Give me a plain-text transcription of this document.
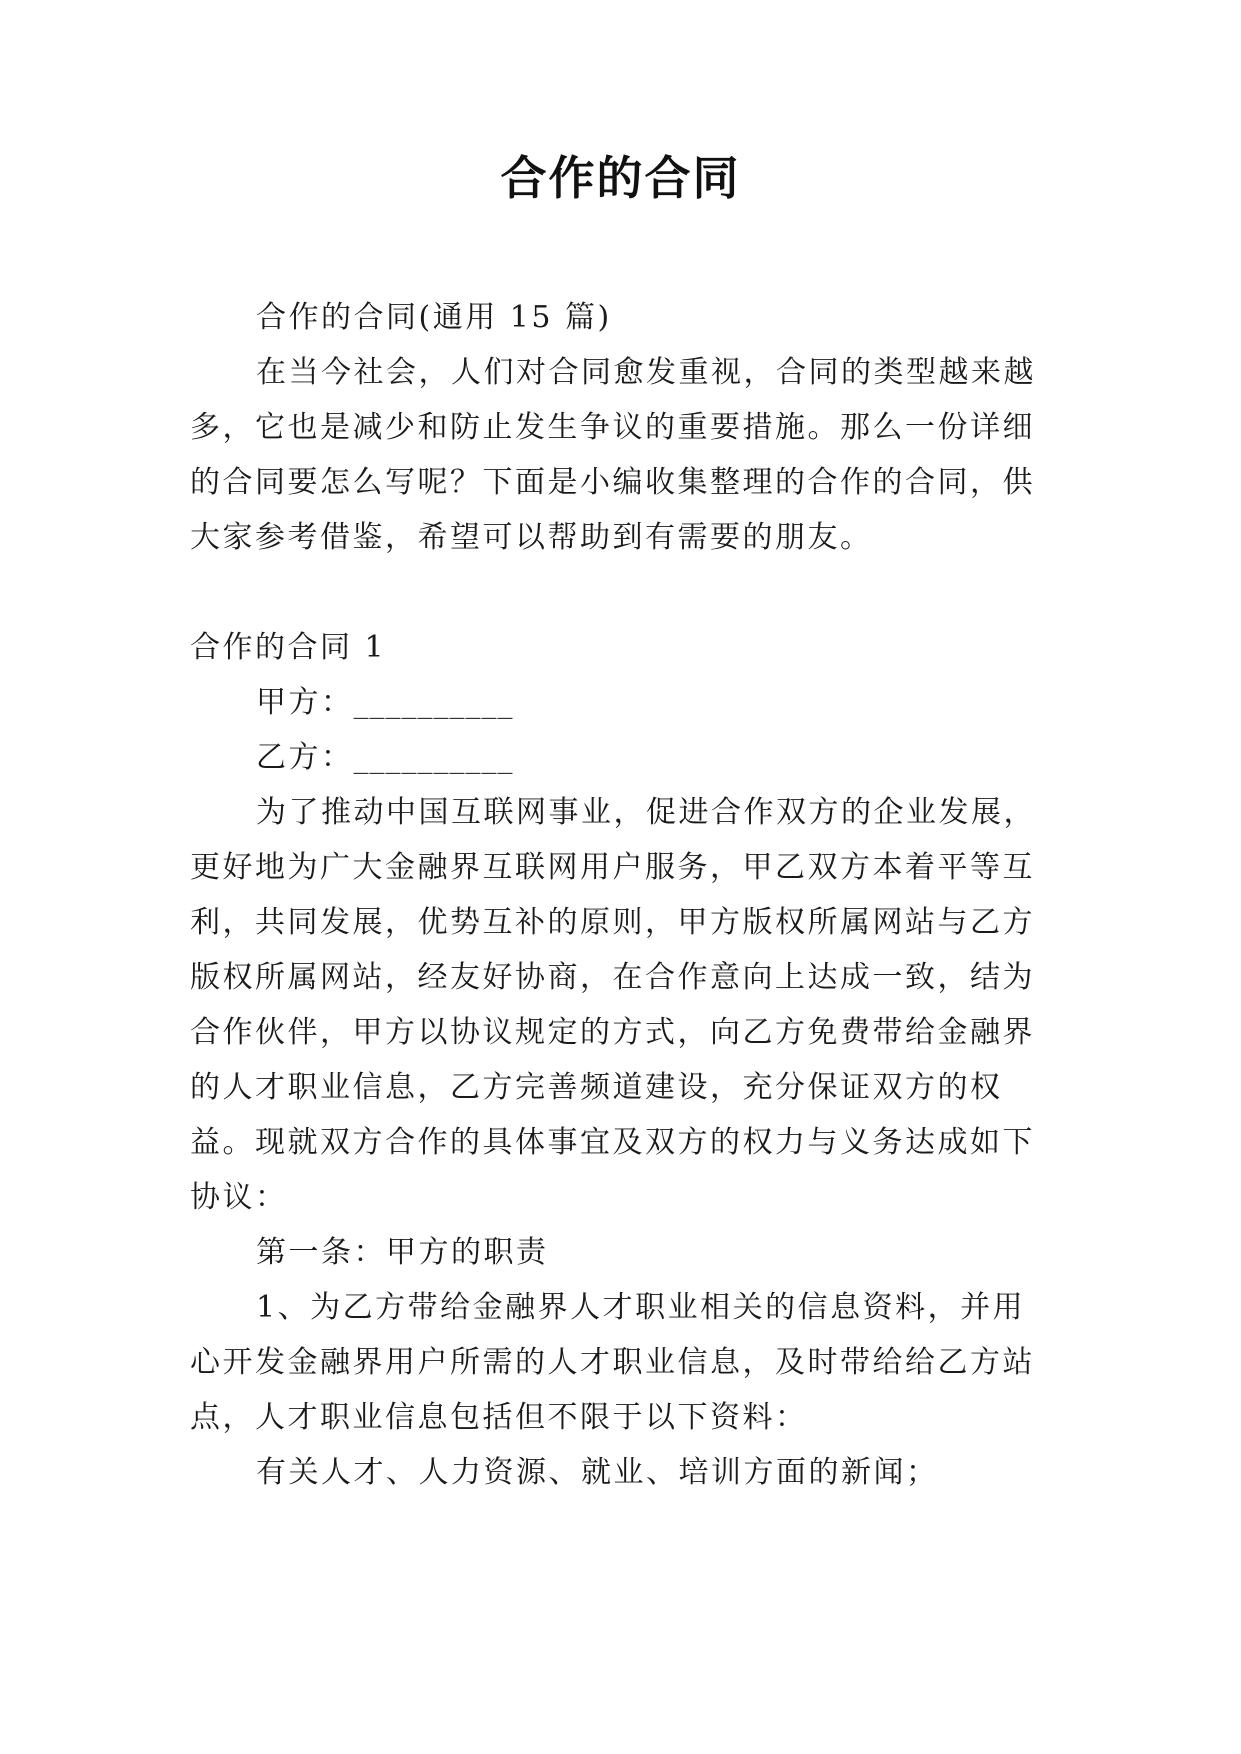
合作的合同

合作的合同(通用 15 篇)

在当今社会，人们对合同愈发重视，合同的类型越来越多，它也是减少和防止发生争议的重要措施。那么一份详细的合同要怎么写呢？下面是小编收集整理的合作的合同，供大家参考借鉴，希望可以帮助到有需要的朋友。

合作的合同 1

甲方：__________

乙方：__________

为了推动中国互联网事业，促进合作双方的企业发展，更好地为广大金融界互联网用户服务，甲乙双方本着平等互利，共同发展，优势互补的原则，甲方版权所属网站与乙方版权所属网站，经友好协商，在合作意向上达成一致，结为合作伙伴，甲方以协议规定的方式，向乙方免费带给金融界的人才职业信息，乙方完善频道建设，充分保证双方的权益。现就双方合作的具体事宜及双方的权力与义务达成如下协议：

第一条：甲方的职责

1、为乙方带给金融界人才职业相关的信息资料，并用心开发金融界用户所需的人才职业信息，及时带给给乙方站点，人才职业信息包括但不限于以下资料：

有关人才、人力资源、就业、培训方面的新闻；
